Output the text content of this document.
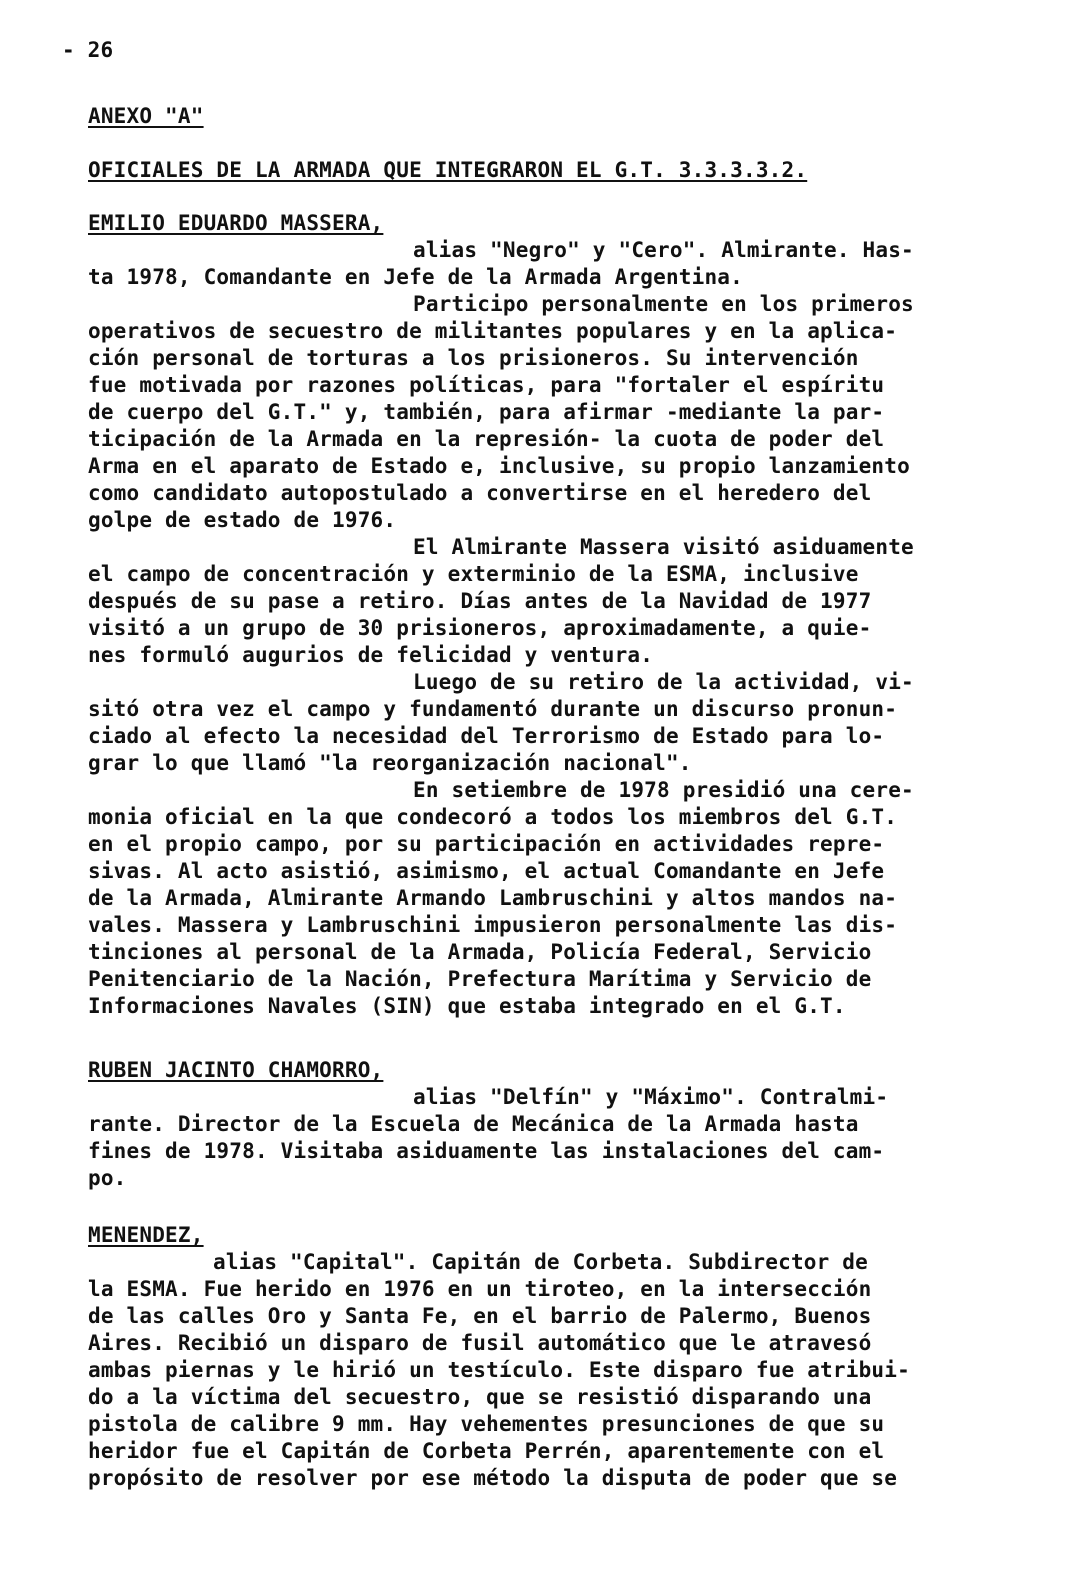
- 26
ANEXO "A"
OFICIALES DE LA ARMADA QUE INTEGRARON EL G.T. 3.3.3.3.2.
EMILIO EDUARDO MASSERA,
alias "Negro" y "Cero". Almirante. Has-
ta 1978, Comandante en Jefe de la Armada Argentina.
Participo personalmente en los primeros
operativos de secuestro de militantes populares y en la aplica-
ción personal de torturas a los prisioneros. Su intervención
fue motivada por razones políticas, para "fortaler el espíritu
de cuerpo del G.T." y, también, para afirmar -mediante la par-
ticipación de la Armada en la represión- la cuota de poder del
Arma en el aparato de Estado e, inclusive, su propio lanzamiento
como candidato autopostulado a convertirse en el heredero del
golpe de estado de 1976.
El Almirante Massera visitó asiduamente
el campo de concentración y exterminio de la ESMA, inclusive
después de su pase a retiro. Días antes de la Navidad de 1977
visitó a un grupo de 30 prisioneros, aproximadamente, a quie-
nes formuló augurios de felicidad y ventura.
Luego de su retiro de la actividad, vi-
sitó otra vez el campo y fundamentó durante un discurso pronun-
ciado al efecto la necesidad del Terrorismo de Estado para lo-
grar lo que llamó "la reorganización nacional".
En setiembre de 1978 presidió una cere-
monia oficial en la que condecoró a todos los miembros del G.T.
en el propio campo, por su participación en actividades repre-
sivas. Al acto asistió, asimismo, el actual Comandante en Jefe
de la Armada, Almirante Armando Lambruschini y altos mandos na-
vales. Massera y Lambruschini impusieron personalmente las dis-
tinciones al personal de la Armada, Policía Federal, Servicio
Penitenciario de la Nación, Prefectura Marítima y Servicio de
Informaciones Navales (SIN) que estaba integrado en el G.T.
RUBEN JACINTO CHAMORRO,
alias "Delfín" y "Máximo". Contralmi-
rante. Director de la Escuela de Mecánica de la Armada hasta
fines de 1978. Visitaba asiduamente las instalaciones del cam-
po.
MENENDEZ,
alias "Capital". Capitán de Corbeta. Subdirector de
la ESMA. Fue herido en 1976 en un tiroteo, en la intersección
de las calles Oro y Santa Fe, en el barrio de Palermo, Buenos
Aires. Recibió un disparo de fusil automático que le atravesó
ambas piernas y le hirió un testículo. Este disparo fue atribui-
do a la víctima del secuestro, que se resistió disparando una
pistola de calibre 9 mm. Hay vehementes presunciones de que su
heridor fue el Capitán de Corbeta Perrén, aparentemente con el
propósito de resolver por ese método la disputa de poder que se
